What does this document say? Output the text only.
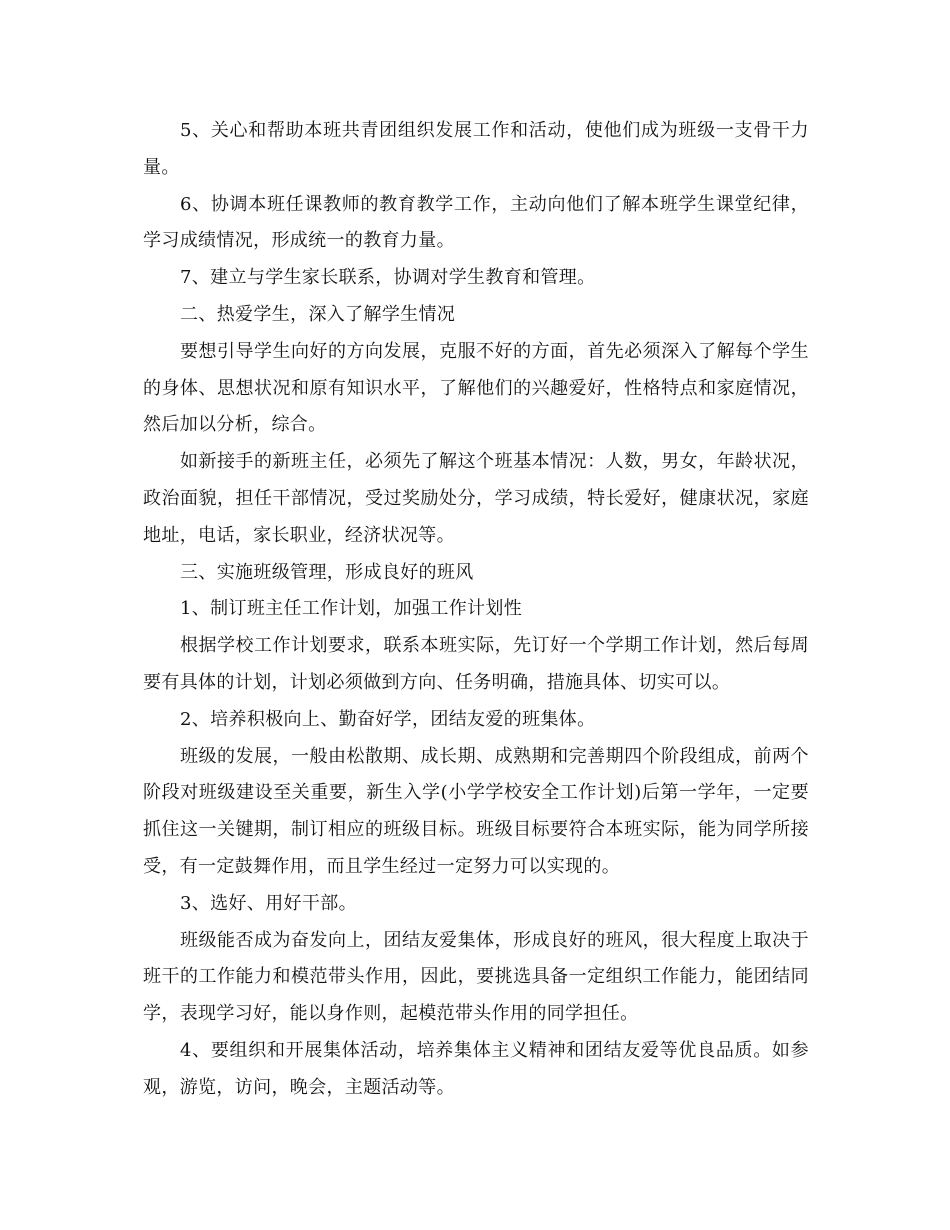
5、关心和帮助本班共青团组织发展工作和活动，使他们成为班级一支骨干力量。

6、协调本班任课教师的教育教学工作，主动向他们了解本班学生课堂纪律，学习成绩情况，形成统一的教育力量。

7、建立与学生家长联系，协调对学生教育和管理。

二、热爱学生，深入了解学生情况

要想引导学生向好的方向发展，克服不好的方面，首先必须深入了解每个学生的身体、思想状况和原有知识水平，了解他们的兴趣爱好，性格特点和家庭情况，然后加以分析，综合。

如新接手的新班主任，必须先了解这个班基本情况：人数，男女，年龄状况，政治面貌，担任干部情况，受过奖励处分，学习成绩，特长爱好，健康状况，家庭地址，电话，家长职业，经济状况等。

三、实施班级管理，形成良好的班风

1、制订班主任工作计划，加强工作计划性

根据学校工作计划要求，联系本班实际，先订好一个学期工作计划，然后每周要有具体的计划，计划必须做到方向、任务明确，措施具体、切实可以。

2、培养积极向上、勤奋好学，团结友爱的班集体。

班级的发展，一般由松散期、成长期、成熟期和完善期四个阶段组成，前两个阶段对班级建设至关重要，新生入学(小学学校安全工作计划)后第一学年，一定要抓住这一关键期，制订相应的班级目标。班级目标要符合本班实际，能为同学所接受，有一定鼓舞作用，而且学生经过一定努力可以实现的。

3、选好、用好干部。

班级能否成为奋发向上，团结友爱集体，形成良好的班风，很大程度上取决于班干的工作能力和模范带头作用，因此，要挑选具备一定组织工作能力，能团结同学，表现学习好，能以身作则，起模范带头作用的同学担任。

4、要组织和开展集体活动，培养集体主义精神和团结友爱等优良品质。如参观，游览，访问，晚会，主题活动等。
